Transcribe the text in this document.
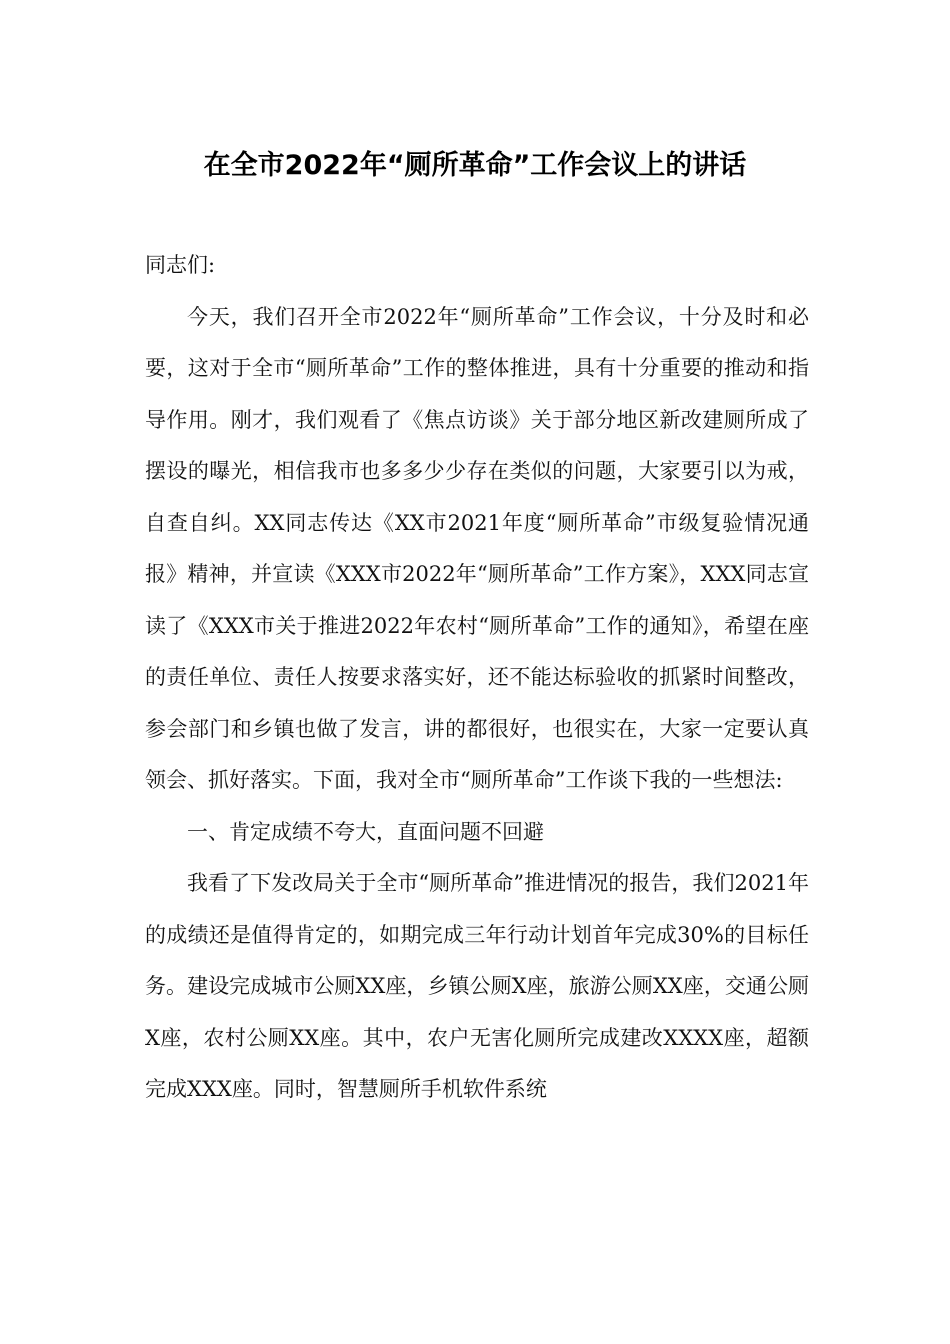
在全市2022年“厕所革命”工作会议上的讲话

同志们:

今天，我们召开全市2022年“厕所革命”工作会议，十分及时和必要，这对于全市“厕所革命”工作的整体推进，具有十分重要的推动和指导作用。刚才，我们观看了《焦点访谈》关于部分地区新改建厕所成了摆设的曝光，相信我市也多多少少存在类似的问题，大家要引以为戒，自查自纠。XX同志传达《XX市2021年度“厕所革命”市级复验情况通报》精神，并宣读《XXX市2022年“厕所革命”工作方案》，XXX同志宣读了《XXX市关于推进2022年农村“厕所革命”工作的通知》，希望在座的责任单位、责任人按要求落实好，还不能达标验收的抓紧时间整改，参会部门和乡镇也做了发言，讲的都很好，也很实在，大家一定要认真领会、抓好落实。下面，我对全市“厕所革命”工作谈下我的一些想法:

一、肯定成绩不夸大，直面问题不回避

我看了下发改局关于全市“厕所革命”推进情况的报告，我们2021年的成绩还是值得肯定的，如期完成三年行动计划首年完成30%的目标任务。建设完成城市公厕XX座，乡镇公厕X座，旅游公厕XX座，交通公厕X座，农村公厕XX座。其中，农户无害化厕所完成建改XXXX座，超额完成XXX座。同时，智慧厕所手机软件系统
